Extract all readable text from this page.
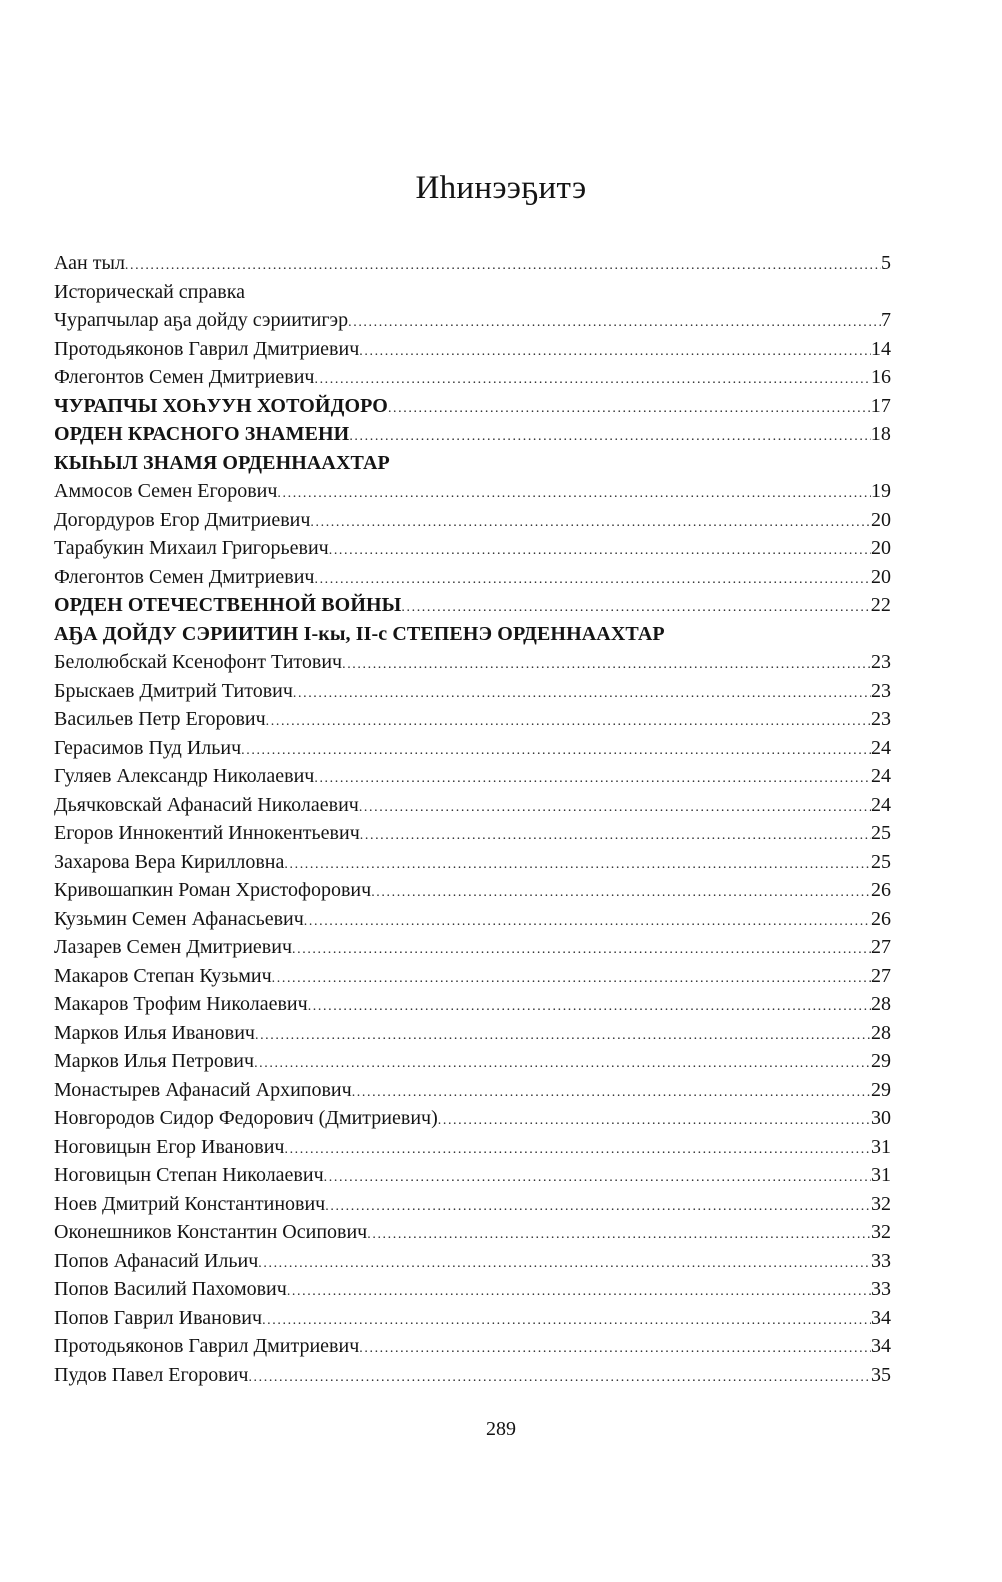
Иһинээҕитэ
Аан тыл .....	5
Историческай справка
Чурапчылар аҕа дойду сэриитигэр .....	7
Протодьяконов Гаврил Дмитриевич .....	14
Флегонтов Семен Дмитриевич .....	16
ЧУРАПЧЫ ХОҺУУН ХОТОЙДОРО .....	17
ОРДЕН КРАСНОГО ЗНАМЕНИ .....	18
КЫҺЫЛ ЗНАМЯ ОРДЕННААХТАР
Аммосов Семен Егорович .....	19
Догордуров Егор Дмитриевич .....	20
Тарабукин Михаил Григорьевич .....	20
Флегонтов Семен Дмитриевич .....	20
ОРДЕН ОТЕЧЕСТВЕННОЙ ВОЙНЫ .....	22
АҔА ДОЙДУ СЭРИИТИН I-кы, II-с СТЕПЕНЭ ОРДЕННААХТАР
Белолюбскай Ксенофонт Титович .....	23
Брыскаев Дмитрий Титович .....	23
Васильев Петр Егорович .....	23
Герасимов Пуд Ильич .....	24
Гуляев Александр Николаевич .....	24
Дьячковскай Афанасий Николаевич .....	24
Егоров Иннокентий Иннокентьевич .....	25
Захарова Вера Кирилловна .....	25
Кривошапкин Роман Христофорович .....	26
Кузьмин Семен Афанасьевич .....	26
Лазарев Семен Дмитриевич .....	27
Макаров Степан Кузьмич .....	27
Макаров Трофим Николаевич .....	28
Марков Илья Иванович .....	28
Марков Илья Петрович .....	29
Монастырев Афанасий Архипович .....	29
Новгородов Сидор Федорович (Дмитриевич) .....	30
Ноговицын Егор Иванович .....	31
Ноговицын Степан Николаевич .....	31
Ноев Дмитрий Константинович .....	32
Оконешников Константин Осипович .....	32
Попов Афанасий Ильич .....	33
Попов Василий Пахомович .....	33
Попов Гаврил Иванович .....	34
Протодьяконов Гаврил Дмитриевич .....	34
Пудов Павел Егорович .....	35
289
